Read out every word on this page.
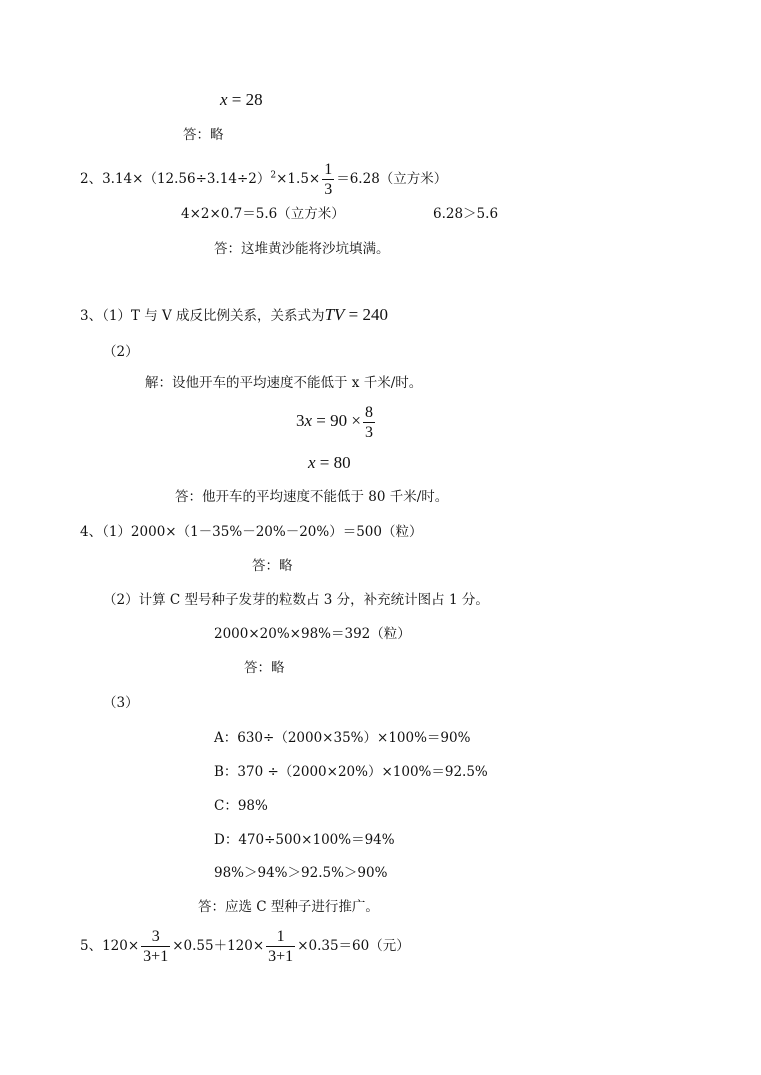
x = 28
答：略
2、$3.14\times(12.56\div 3.14\div 2)^2\times 1.5\times \frac{1}{3} =6.28$（立方米）
4×2×0.7＝5.6（立方米）	6.28＞5.6
答：这堆黄沙能将沙坑填满。
3、（1）T 与 V 成反比例关系，关系式为TV = 240
（2）
解：设他开车的平均速度不能低于 x 千米/时。
$3x = 90 \times \frac{8}{3}$
x = 80
答：他开车的平均速度不能低于 80 千米/时。
4、（1）2000×（1－35%－20%－20%）＝500（粒）
答：略
（2）计算 C 型号种子发芽的粒数占 3 分，补充统计图占 1 分。
2000×20%×98%＝392（粒）
答：略
（3）
A：630÷（2000×35%）×100%＝90%
B：370 ÷（2000×20%）×100%＝92.5%
C：98%
D：470÷500×100%＝94%
98%＞94%＞92.5%＞90%
答：应选 C 型种子进行推广。
5、$120\times \frac{3}{3+1} \times 0.55+120\times \frac{1}{3+1} \times 0.35=60$（元）
